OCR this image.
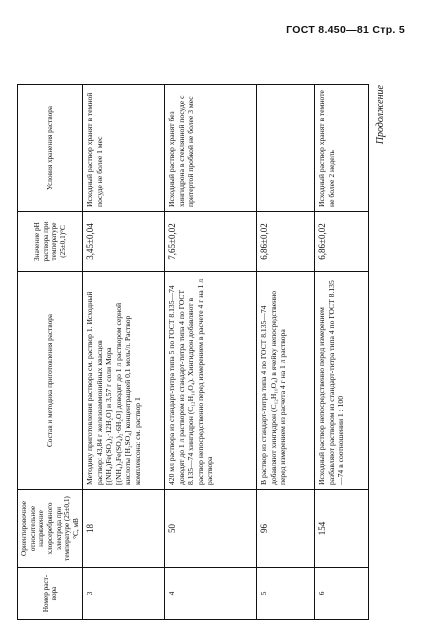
ГОСТ 8.450—81 Стр. 5
Продолжение
Номер раст-вора	Ориентировочное относительное напряжение хлорсеребряного электрода при температуре (25±0,1)°С, мВ	Состав и методика приготовления раствора	Значение pH раствора при температуре (25±0,1)°С	Условия хранения раствора
3	18	Методику приготовления раствора см. раствор 1. Исходный раствор: 43,84 г железоаммонийных квасцов [(NH₄)Fe(SO₄)₂·12H₂O] и 3,57 г соли Мора [(NH₄)₂Fe(SO₄)₂·6H₂O] доводят до 1 л раствором серной кислоты [H₂SO₄] концентрацией 0,1 моль/л. Раствор комплексона: см. раствор 1	3,45±0,04	Исходный раствор хранят в темной посуде не более 1 мес
4	50	420 мл раствора из стандарт-титра типа 5 по ГОСТ 8.135—74 доводят до 1 л раствором из стандарт-титра типа 4 по ГОСТ 8.135—74 хингидрон (C₁₂H₁₀O₄). Хингидрон добавляют в раствор непосредственно перед измерением в расчете 4 г на 1 л раствора	7,65±0,02	Исходный раствор хранят без хингидрона в стеклянной посуде с притертой пробкой не более 3 мес
5	96	В раствор из стандарт-титра типа 4 по ГОСТ 8.135—74 добавляют хингидрон (C₁₂H₁₀O₄) в ячейку непосредственно перед измерением из расчета 4 г на 1 л раствора	6,86±0,02	
6	154	Исходный раствор непосредственно перед измерением разбавляют раствором из стандарт-титра типа 4 по ГОСТ 8.135—74 в соотношении 1 : 100	6,86±0,02	Исходный раствор хранят в темноте не более 2 недель
